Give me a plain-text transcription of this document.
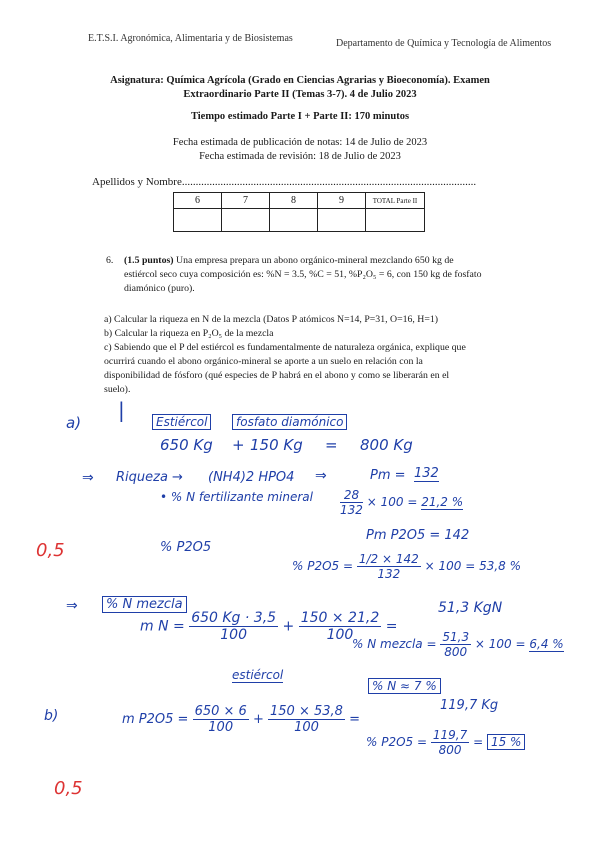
E.T.S.I. Agronómica, Alimentaria y de Biosistemas	Departamento de Química y Tecnología de Alimentos
Asignatura: Química Agrícola (Grado en Ciencias Agrarias y Bioeconomía). Examen
Extraordinario Parte II (Temas 3-7). 4 de Julio 2023
Tiempo estimado Parte I + Parte II: 170 minutos
Fecha estimada de publicación de notas: 14 de Julio de 2023
Fecha estimada de revisión: 18 de Julio de 2023
Apellidos y Nombre...........................................................................................................
6	7	8	9	TOTAL Parte II

6. (1.5 puntos) Una empresa prepara un abono orgánico-mineral mezclando 650 kg de
estiércol seco cuya composición es: %N = 3.5, %C = 51, %P₂O₅ = 6, con 150 kg de fosfato
diamónico (puro).
a) Calcular la riqueza en N de la mezcla (Datos P atómicos N=14, P=31, O=16, H=1)
b) Calcular la riqueza en P₂O₅ de la mezcla
c) Sabiendo que el P del estiércol es fundamentalmente de naturaleza orgánica, explique que
ocurrirá cuando el abono orgánico-mineral se aporte a un suelo en relación con la
disponibilidad de fósforo (qué especies de P habrá en el abono y como se liberarán en el
suelo).
a)
|	Estiércol	fosfato diamónico
650 Kg + 150 Kg = 800 Kg
⇒ Riqueza → (NH4)2 HPO4 ⇒	Pm = 132
• % N fertilizante mineral $\frac{28}{132} \times 100 = 21,2$ %
0,5	% P2O5
Pm P2O5 = 142
% $P2O5 = \frac{1/2 \times 142}{132} \times 100 = 53,8$ %
⇒	% N mezcla
m $N = \frac{650 Kg \cdot 3,5}{100} + \frac{150 \times 21,2}{100}$ =
51,3 KgN
estiércol
% N mezcla = $\frac{51,3}{800} \times 100 = 6,4$ %
% N ≈ 7 %
b)	m $P2O5 = \frac{650 \times 6}{100} + \frac{150 \times 53,8}{100}$ =
119,7 Kg
% $P2O5 = \frac{119,7}{800} = 15$ %
0,5
